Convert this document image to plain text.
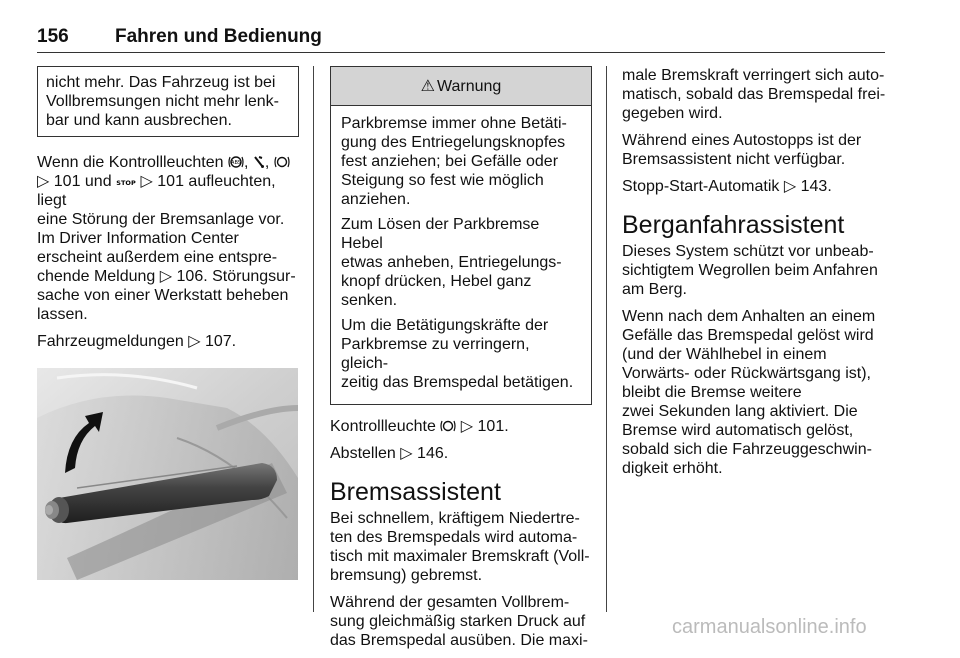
156 Fahren und Bedienung

nicht mehr. Das Fahrzeug ist bei

Vollbremsungen nicht mehr lenk-

bar und kann ausbrechen.

Wenn die Kontrollleuchten ABS , ,
▷ 101 und STOP ▷ 101 aufleuchten, liegt
eine Störung der Bremsanlage vor.
Im Driver Information Center
erscheint außerdem eine entspre-
chende Meldung ▷ 106. Störungsur-
sache von einer Werkstatt beheben
lassen.

Fahrzeugmeldungen ▷ 107.

⚠ Warnung

Parkbremse immer ohne Betäti-
gung des Entriegelungsknopfes
fest anziehen; bei Gefälle oder
Steigung so fest wie möglich
anziehen.

Zum Lösen der Parkbremse Hebel
etwas anheben, Entriegelungs-
knopf drücken, Hebel ganz
senken.

Um die Betätigungskräfte der
Parkbremse zu verringern, gleich-
zeitig das Bremspedal betätigen.

Kontrollleuchte ▷ 101.

Abstellen ▷ 146.

Bremsassistent

Bei schnellem, kräftigem Niedertre-
ten des Bremspedals wird automa-
tisch mit maximaler Bremskraft (Voll-
bremsung) gebremst.

Während der gesamten Vollbrem-
sung gleichmäßig starken Druck auf
das Bremspedal ausüben. Die maxi-

male Bremskraft verringert sich auto-
matisch, sobald das Bremspedal frei-
gegeben wird.

Während eines Autostopps ist der
Bremsassistent nicht verfügbar.

Stopp-Start-Automatik ▷ 143.

Berganfahrassistent

Dieses System schützt vor unbeab-
sichtigtem Wegrollen beim Anfahren
am Berg.

Wenn nach dem Anhalten an einem
Gefälle das Bremspedal gelöst wird
(und der Wählhebel in einem
Vorwärts- oder Rückwärtsgang ist),
bleibt die Bremse weitere
zwei Sekunden lang aktiviert. Die
Bremse wird automatisch gelöst,
sobald sich die Fahrzeuggeschwin-
digkeit erhöht.

carmanualsonline.info
